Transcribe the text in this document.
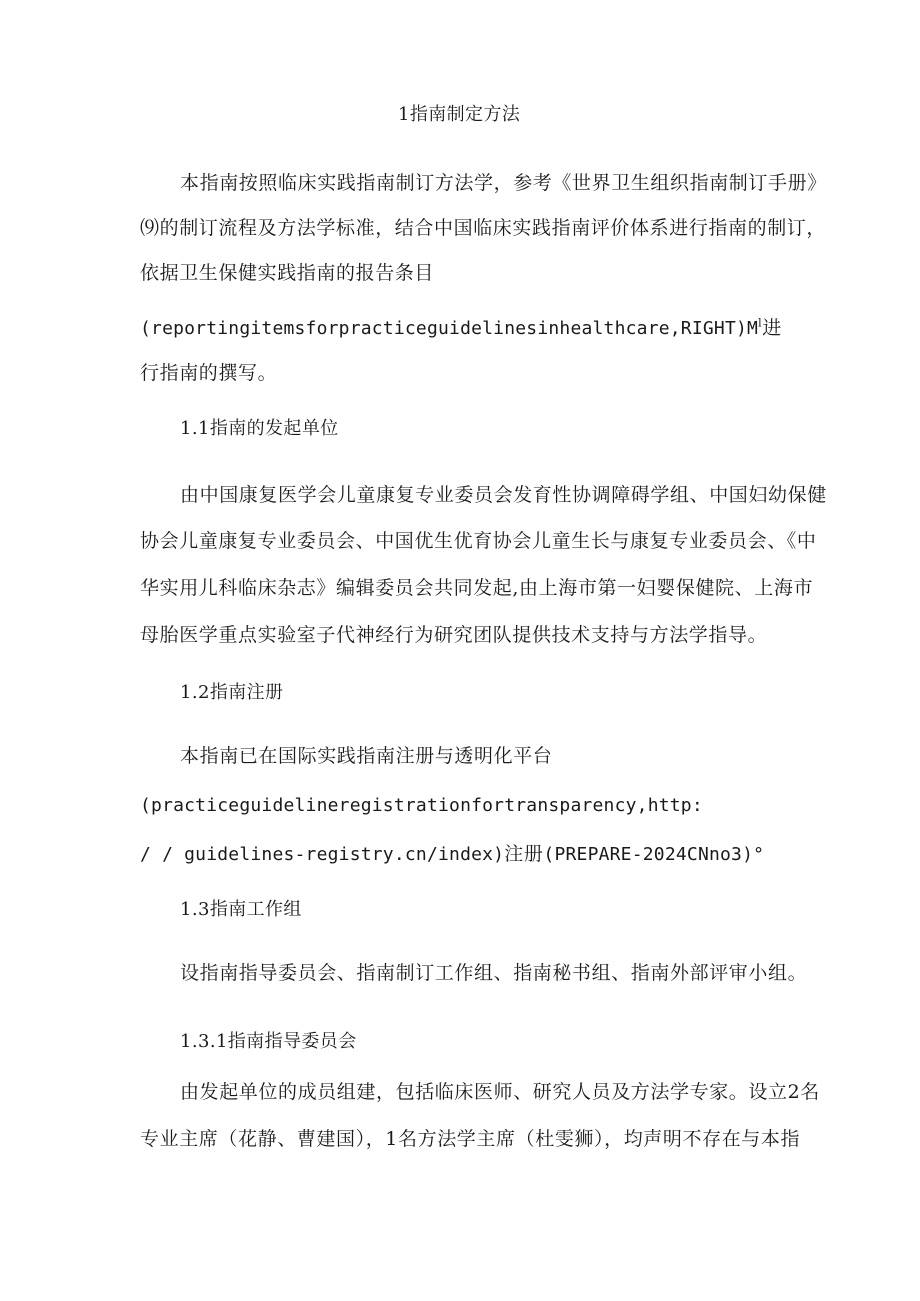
1指南制定方法
本指南按照临床实践指南制订方法学，参考《世界卫生组织指南制订手册》
⑼的制订流程及方法学标准，结合中国临床实践指南评价体系进行指南的制订，
依据卫生保健实践指南的报告条目
(reportingitemsforpracticeguidelinesinhealthcare,RIGHT)M$^l$进
行指南的撰写。
1.1指南的发起单位
由中国康复医学会儿童康复专业委员会发育性协调障碍学组、中国妇幼保健
协会儿童康复专业委员会、中国优生优育协会儿童生长与康复专业委员会、《中
华实用儿科临床杂志》编辑委员会共同发起,由上海市第一妇婴保健院、上海市
母胎医学重点实验室子代神经行为研究团队提供技术支持与方法学指导。
1.2指南注册
本指南已在国际实践指南注册与透明化平台
(practiceguidelineregistrationfortransparency,http:
/ / guidelines-registry.cn/index)注册(PREPARE-2024CNno3)°
1.3指南工作组
设指南指导委员会、指南制订工作组、指南秘书组、指南外部评审小组。
1.3.1指南指导委员会
由发起单位的成员组建，包括临床医师、研究人员及方法学专家。设立2名
专业主席（花静、曹建国），1名方法学主席（杜雯狮），均声明不存在与本指
